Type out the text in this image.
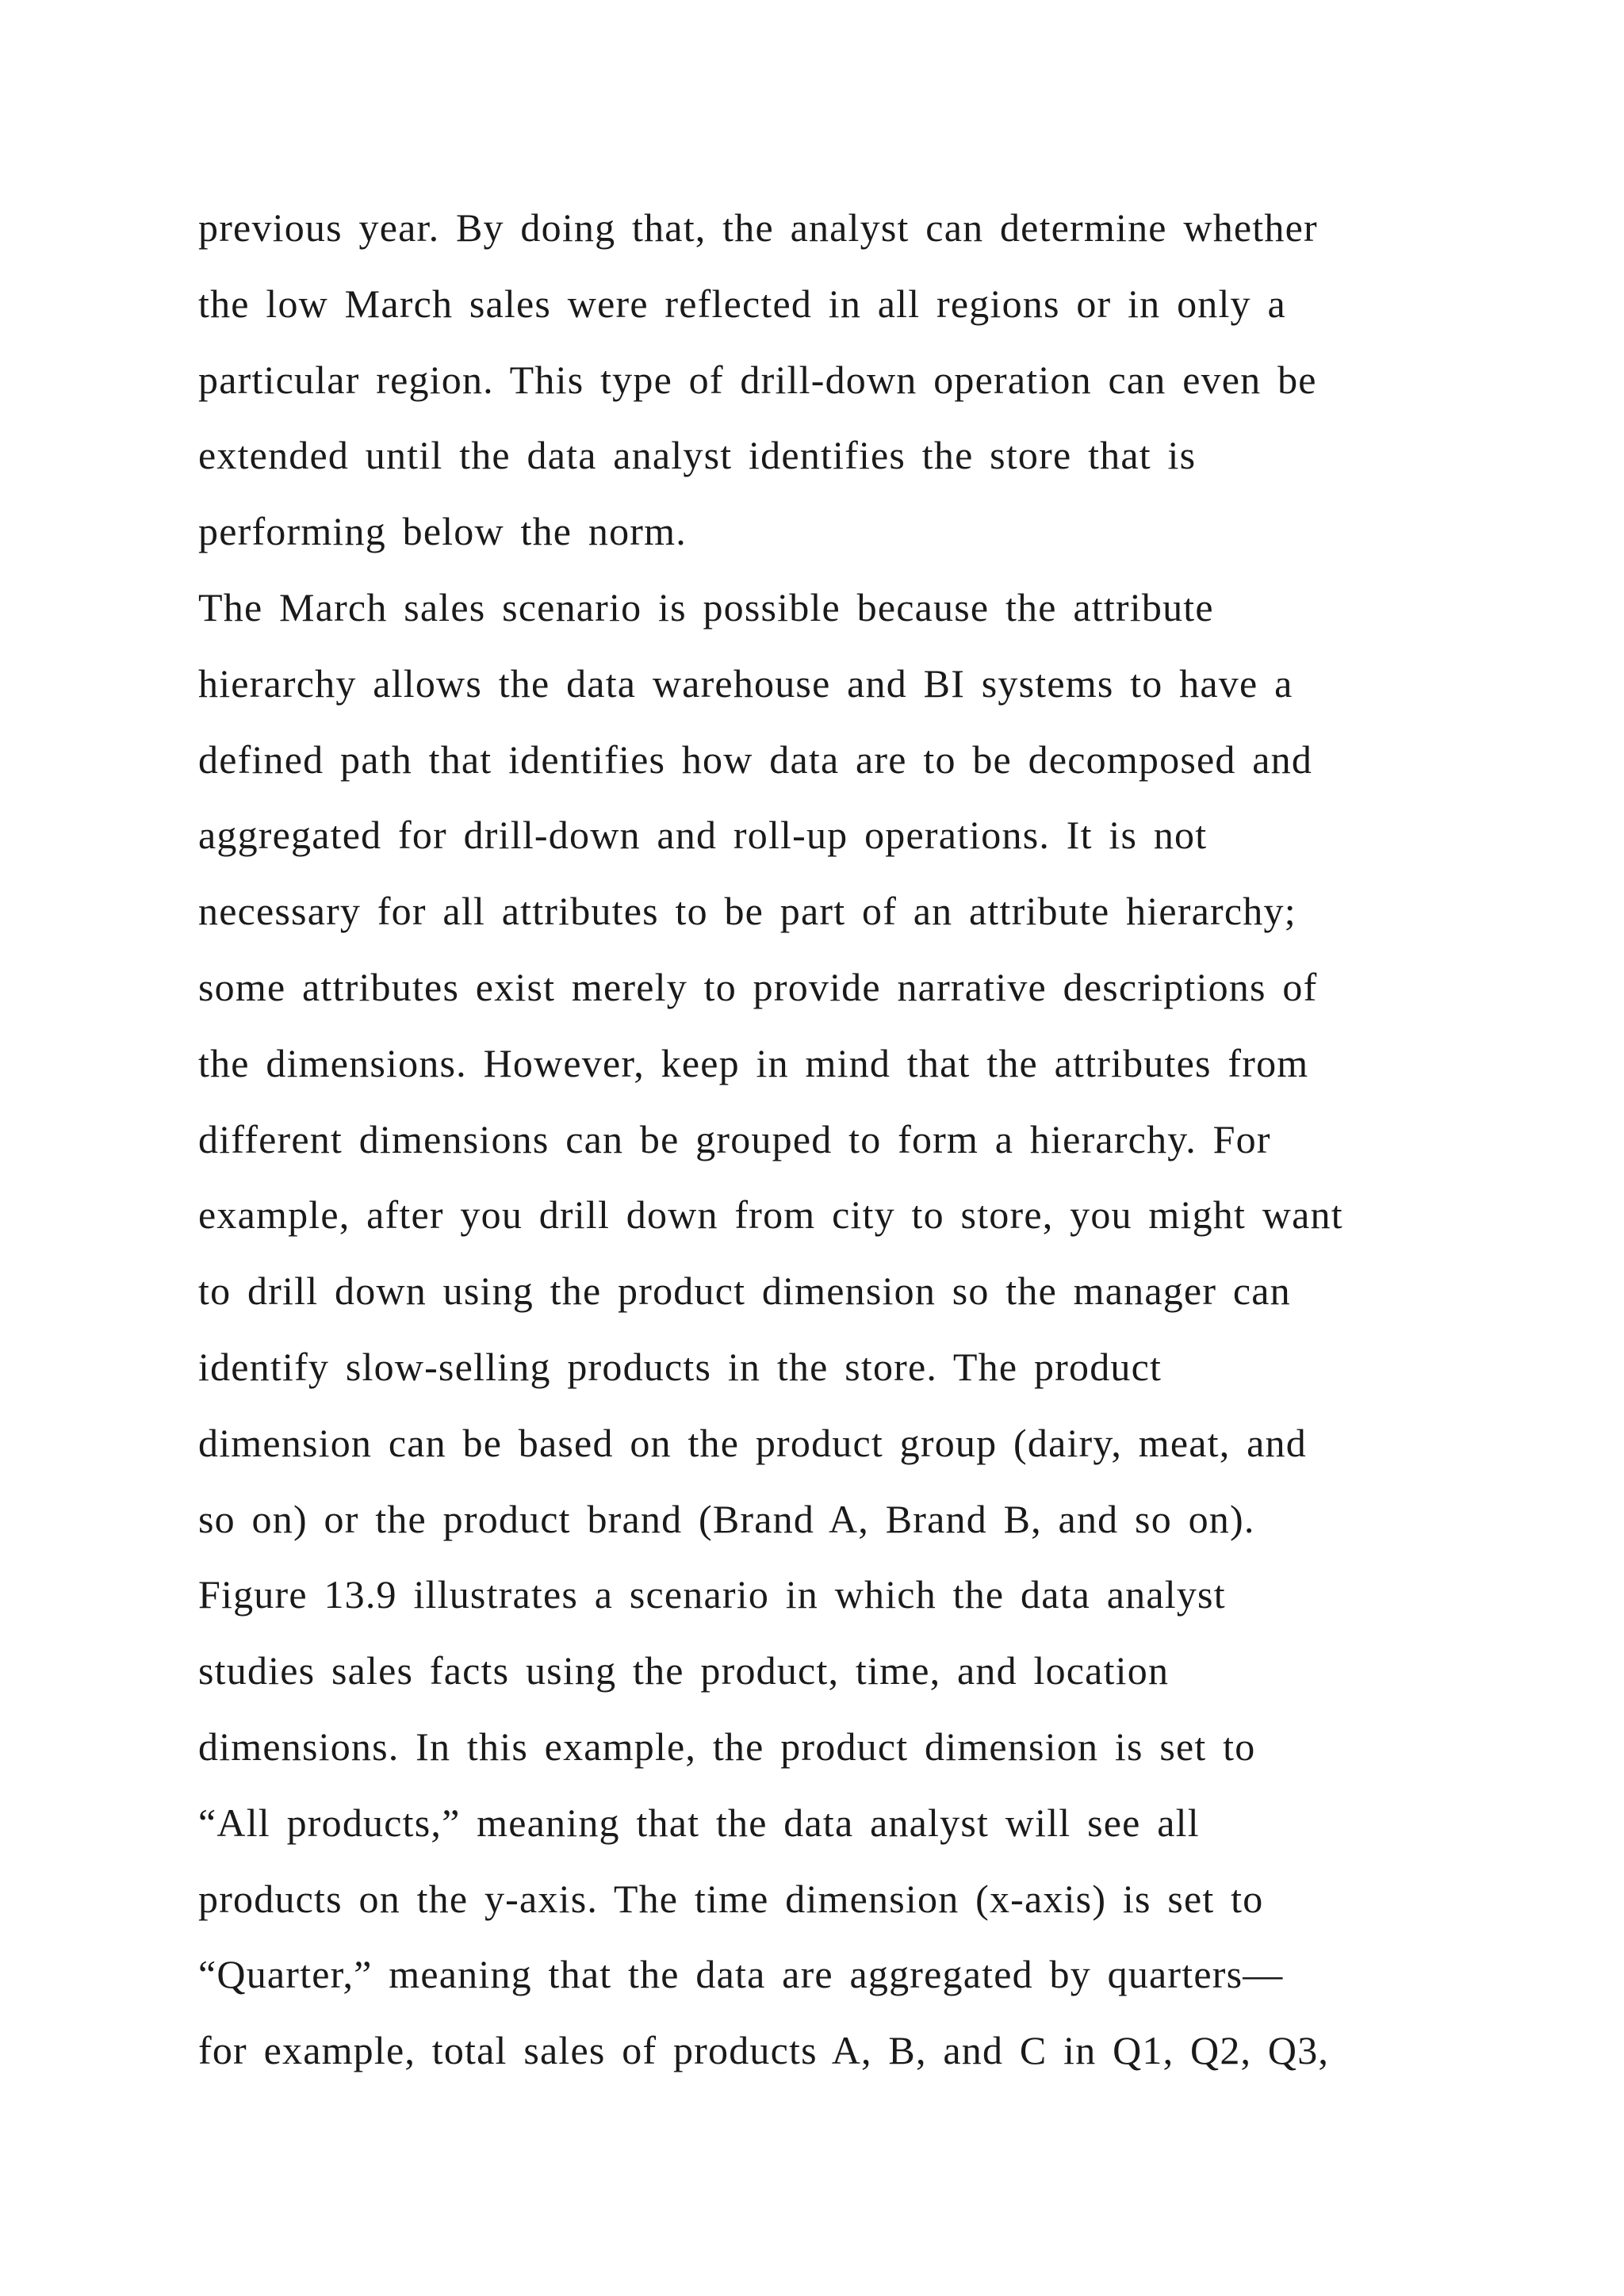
previous year. By doing that, the analyst can determine whether
the low March sales were reflected in all regions or in only a
particular region. This type of drill-down operation can even be
extended until the data analyst identifies the store that is
performing below the norm.
The March sales scenario is possible because the attribute
hierarchy allows the data warehouse and BI systems to have a
defined path that identifies how data are to be decomposed and
aggregated for drill-down and roll-up operations. It is not
necessary for all attributes to be part of an attribute hierarchy;
some attributes exist merely to provide narrative descriptions of
the dimensions. However, keep in mind that the attributes from
different dimensions can be grouped to form a hierarchy. For
example, after you drill down from city to store, you might want
to drill down using the product dimension so the manager can
identify slow-selling products in the store. The product
dimension can be based on the product group (dairy, meat, and
so on) or the product brand (Brand A, Brand B, and so on).
Figure 13.9 illustrates a scenario in which the data analyst
studies sales facts using the product, time, and location
dimensions. In this example, the product dimension is set to
“All products,” meaning that the data analyst will see all
products on the y-axis. The time dimension (x-axis) is set to
“Quarter,” meaning that the data are aggregated by quarters—
for example, total sales of products A, B, and C in Q1, Q2, Q3,
